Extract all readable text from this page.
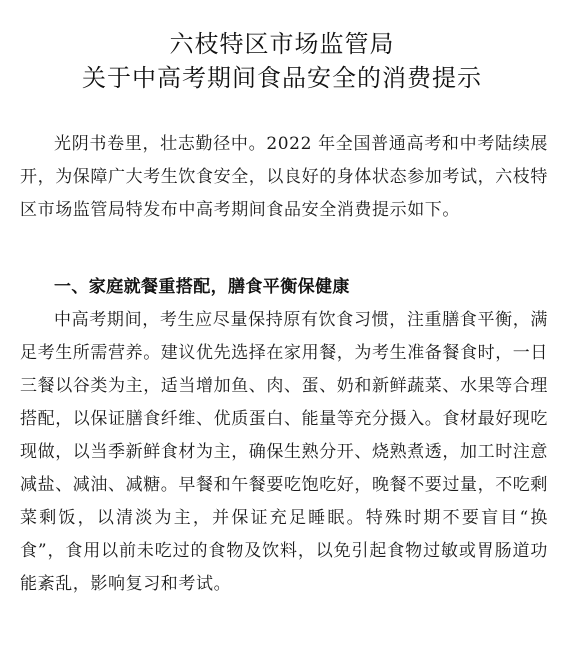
六枝特区市场监管局
关于中高考期间食品安全的消费提示

光阴书卷里，壮志勤径中。2022 年全国普通高考和中考陆续展开，为保障广大考生饮食安全，以良好的身体状态参加考试，六枝特区市场监管局特发布中高考期间食品安全消费提示如下。

一、家庭就餐重搭配，膳食平衡保健康

中高考期间，考生应尽量保持原有饮食习惯，注重膳食平衡，满足考生所需营养。建议优先选择在家用餐，为考生准备餐食时，一日三餐以谷类为主，适当增加鱼、肉、蛋、奶和新鲜蔬菜、水果等合理搭配，以保证膳食纤维、优质蛋白、能量等充分摄入。食材最好现吃现做，以当季新鲜食材为主，确保生熟分开、烧熟煮透，加工时注意减盐、减油、减糖。早餐和午餐要吃饱吃好，晚餐不要过量，不吃剩菜剩饭，以清淡为主，并保证充足睡眠。特殊时期不要盲目“换食”，食用以前未吃过的食物及饮料，以免引起食物过敏或胃肠道功能紊乱，影响复习和考试。
